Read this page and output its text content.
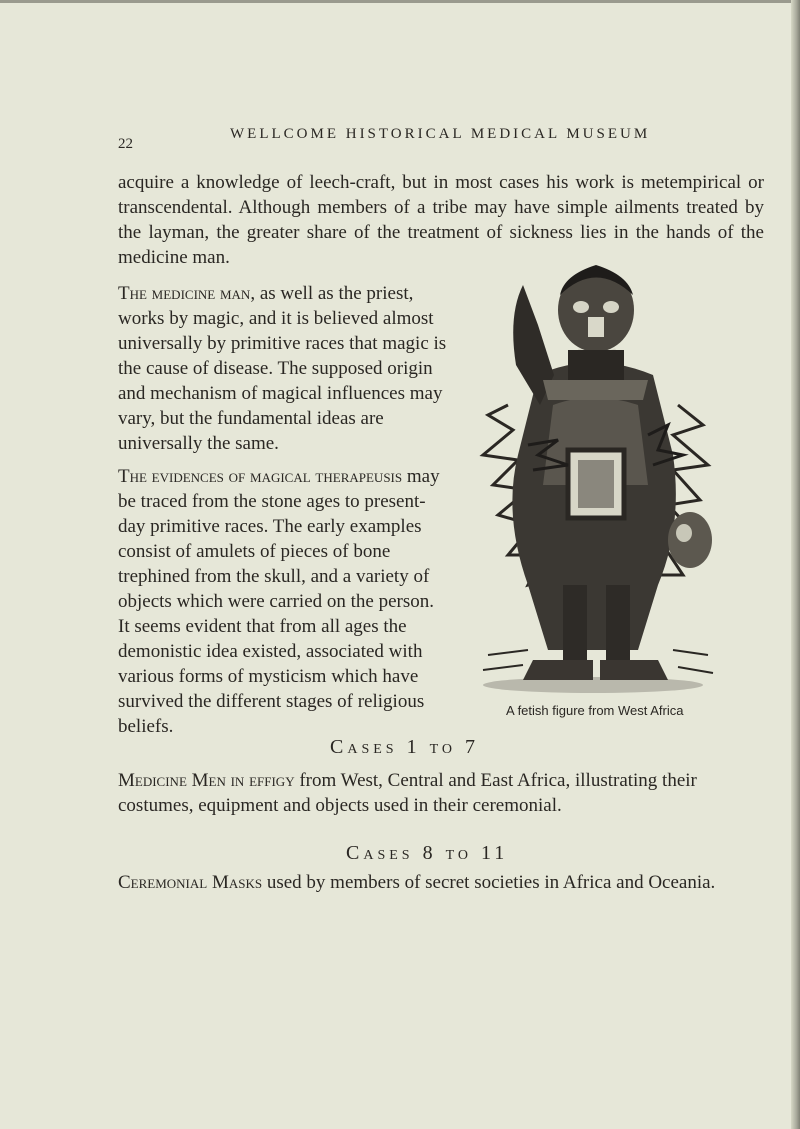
22
WELLCOME HISTORICAL MEDICAL MUSEUM

acquire a knowledge of leech-craft, but in most cases his work is metempirical or transcendental. Although members of a tribe may have simple ailments treated by the layman, the greater share of the treatment of sickness lies in the hands of the medicine man.

The medicine man, as well as the priest, works by magic, and it is believed almost universally by primitive races that magic is the cause of disease. The supposed origin and mechanism of magical influences may vary, but the fundamental ideas are universally the same.

The evidences of magical therapeusis may be traced from the stone ages to present-day primitive races. The early examples consist of amulets of pieces of bone trephined from the skull, and a variety of objects which were carried on the person. It seems evident that from all ages the demonistic idea existed, associated with various forms of mysticism which have survived the different stages of religious beliefs.

A fetish figure from West Africa
Cases 1 to 7

Medicine Men in effigy from West, Central and East Africa, illustrating their costumes, equipment and objects used in their ceremonial.

Cases 8 to 11

Ceremonial Masks used by members of secret societies in Africa and Oceania.
